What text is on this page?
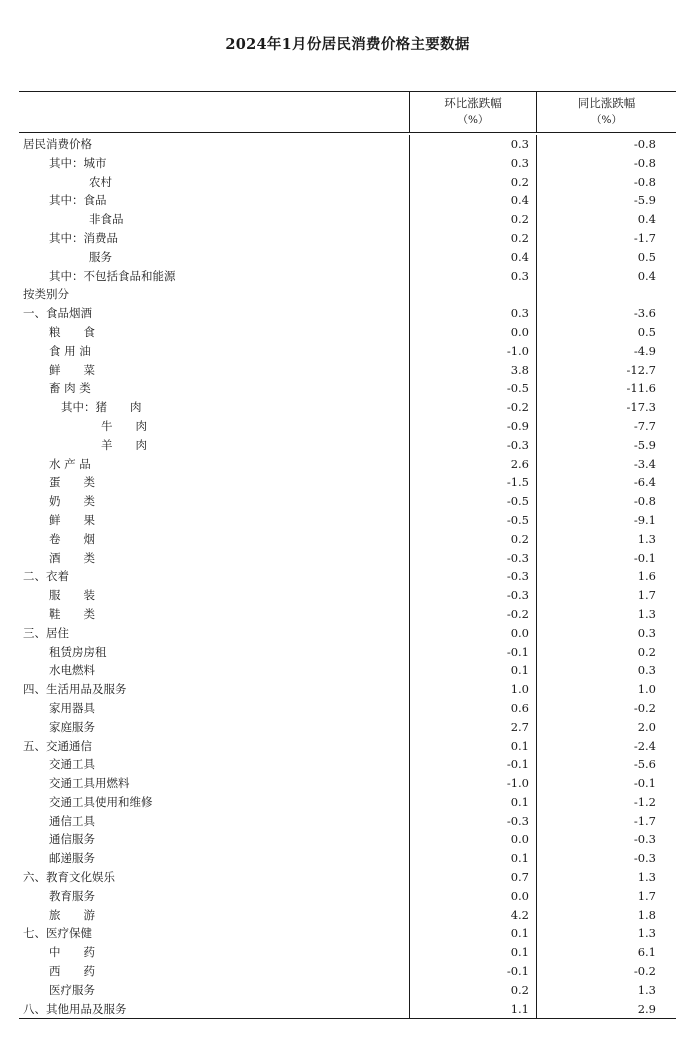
2024年1月份居民消费价格主要数据
环比涨跌幅
（%）
同比涨跌幅
（%）
居民消费价格	0.3	-0.8
其中：城市	0.3	-0.8
农村	0.2	-0.8
其中：食品	0.4	-5.9
非食品	0.2	0.4
其中：消费品	0.2	-1.7
服务	0.4	0.5
其中：不包括食品和能源	0.3	0.4
按类别分
一、食品烟酒	0.3	-3.6
粮　　食	0.0	0.5
食 用 油	-1.0	-4.9
鲜　　菜	3.8	-12.7
畜 肉 类	-0.5	-11.6
其中：猪　　肉	-0.2	-17.3
牛　　肉	-0.9	-7.7
羊　　肉	-0.3	-5.9
水 产 品	2.6	-3.4
蛋　　类	-1.5	-6.4
奶　　类	-0.5	-0.8
鲜　　果	-0.5	-9.1
卷　　烟	0.2	1.3
酒　　类	-0.3	-0.1
二、衣着	-0.3	1.6
服　　装	-0.3	1.7
鞋　　类	-0.2	1.3
三、居住	0.0	0.3
租赁房房租	-0.1	0.2
水电燃料	0.1	0.3
四、生活用品及服务	1.0	1.0
家用器具	0.6	-0.2
家庭服务	2.7	2.0
五、交通通信	0.1	-2.4
交通工具	-0.1	-5.6
交通工具用燃料	-1.0	-0.1
交通工具使用和维修	0.1	-1.2
通信工具	-0.3	-1.7
通信服务	0.0	-0.3
邮递服务	0.1	-0.3
六、教育文化娱乐	0.7	1.3
教育服务	0.0	1.7
旅　　游	4.2	1.8
七、医疗保健	0.1	1.3
中　　药	0.1	6.1
西　　药	-0.1	-0.2
医疗服务	0.2	1.3
八、其他用品及服务	1.1	2.9
